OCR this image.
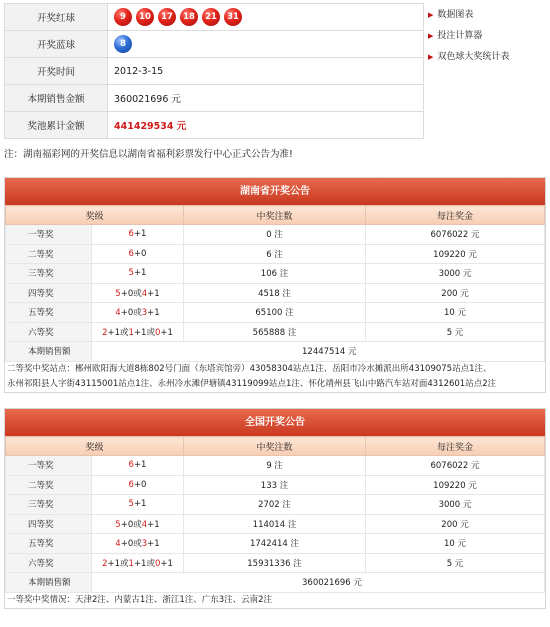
开奖红球	9 10 17 18 21 31
开奖蓝球	8
开奖时间	2012-3-15
本期销售金额	360021696 元
奖池累计金额	441429534 元
▶ 数据图表
▶ 投注计算器
▶ 双色球大奖统计表
注：湖南福彩网的开奖信息以湖南省福利彩票发行中心正式公告为准!
湖南省开奖公告
奖级		中奖注数	每注奖金
一等奖	6+1	0 注	6076022 元
二等奖	6+0	6 注	109220 元
三等奖	5+1	106 注	3000 元
四等奖	5+0或4+1	4518 注	200 元
五等奖	4+0或3+1	65100 注	10 元
六等奖	2+1或1+1或0+1	565888 注	5 元
本期销售额	12447514 元		
二等奖中奖站点：郴州欧阳海大道8栋802号门面（东塔宾馆旁）43058304站点1注、岳阳市冷水摊派出所43109075站点1注、
永州祁阳县人字街43115001站点1注、永州冷水滩伊塘镇43119099站点1注、怀化靖州县飞山中路汽车站对面4312601站点2注
全国开奖公告
奖级		中奖注数	每注奖金
一等奖	6+1	9 注	6076022 元
二等奖	6+0	133 注	109220 元
三等奖	5+1	2702 注	3000 元
四等奖	5+0或4+1	114014 注	200 元
五等奖	4+0或3+1	1742414 注	10 元
六等奖	2+1或1+1或0+1	15931336 注	5 元
本期销售额	360021696 元		
一等奖中奖情况：天津2注、内蒙古1注、浙江1注、广东3注、云南2注
